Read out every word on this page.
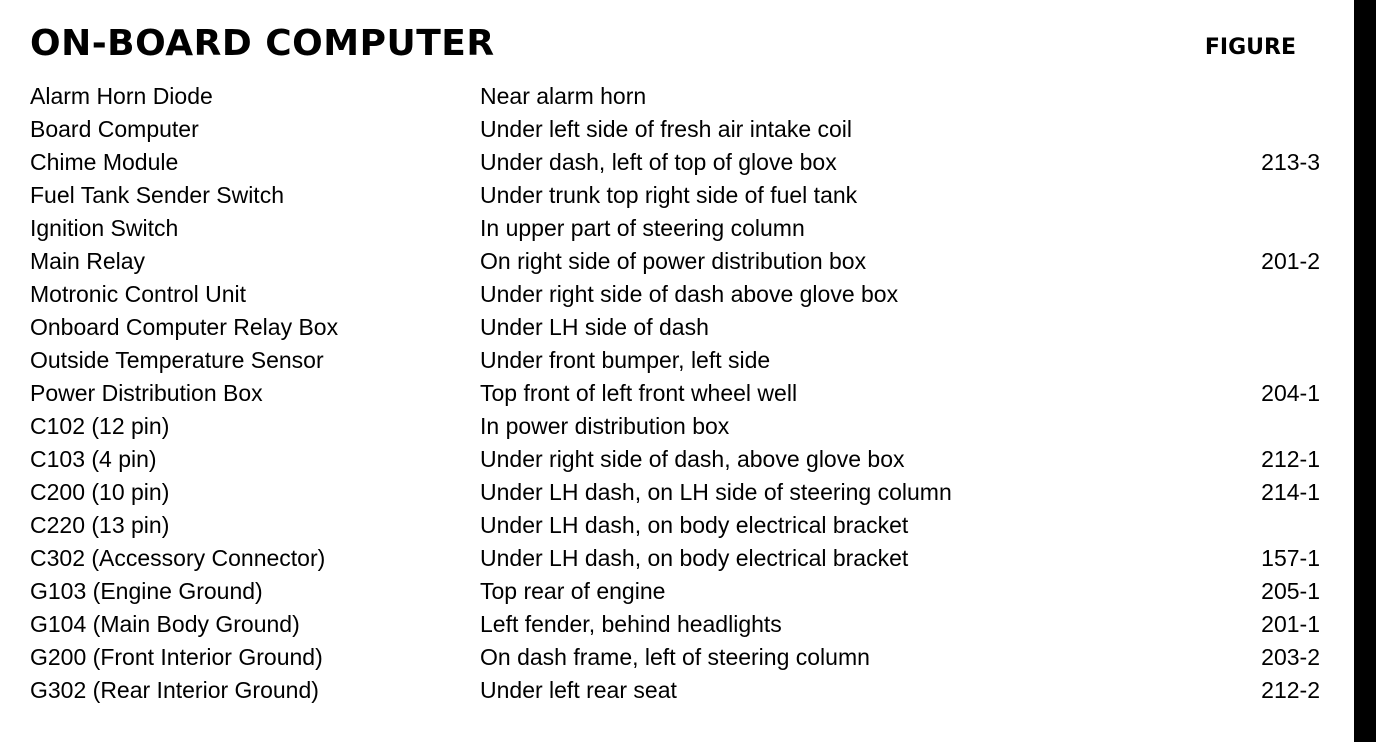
ON-BOARD COMPUTER	FIGURE
Alarm Horn Diode	Near alarm horn
Board Computer	Under left side of fresh air intake coil
Chime Module	Under dash, left of top of glove box	213-3
Fuel Tank Sender Switch	Under trunk top right side of fuel tank
Ignition Switch	In upper part of steering column
Main Relay	On right side of power distribution box	201-2
Motronic Control Unit	Under right side of dash above glove box
Onboard Computer Relay Box	Under LH side of dash
Outside Temperature Sensor	Under front bumper, left side
Power Distribution Box	Top front of left front wheel well	204-1
C102 (12 pin)	In power distribution box
C103 (4 pin)	Under right side of dash, above glove box	212-1
C200 (10 pin)	Under LH dash, on LH side of steering column	214-1
C220 (13 pin)	Under LH dash, on body electrical bracket
C302 (Accessory Connector)	Under LH dash, on body electrical bracket	157-1
G103 (Engine Ground)	Top rear of engine	205-1
G104 (Main Body Ground)	Left fender, behind headlights	201-1
G200 (Front Interior Ground)	On dash frame, left of steering column	203-2
G302 (Rear Interior Ground)	Under left rear seat	212-2
